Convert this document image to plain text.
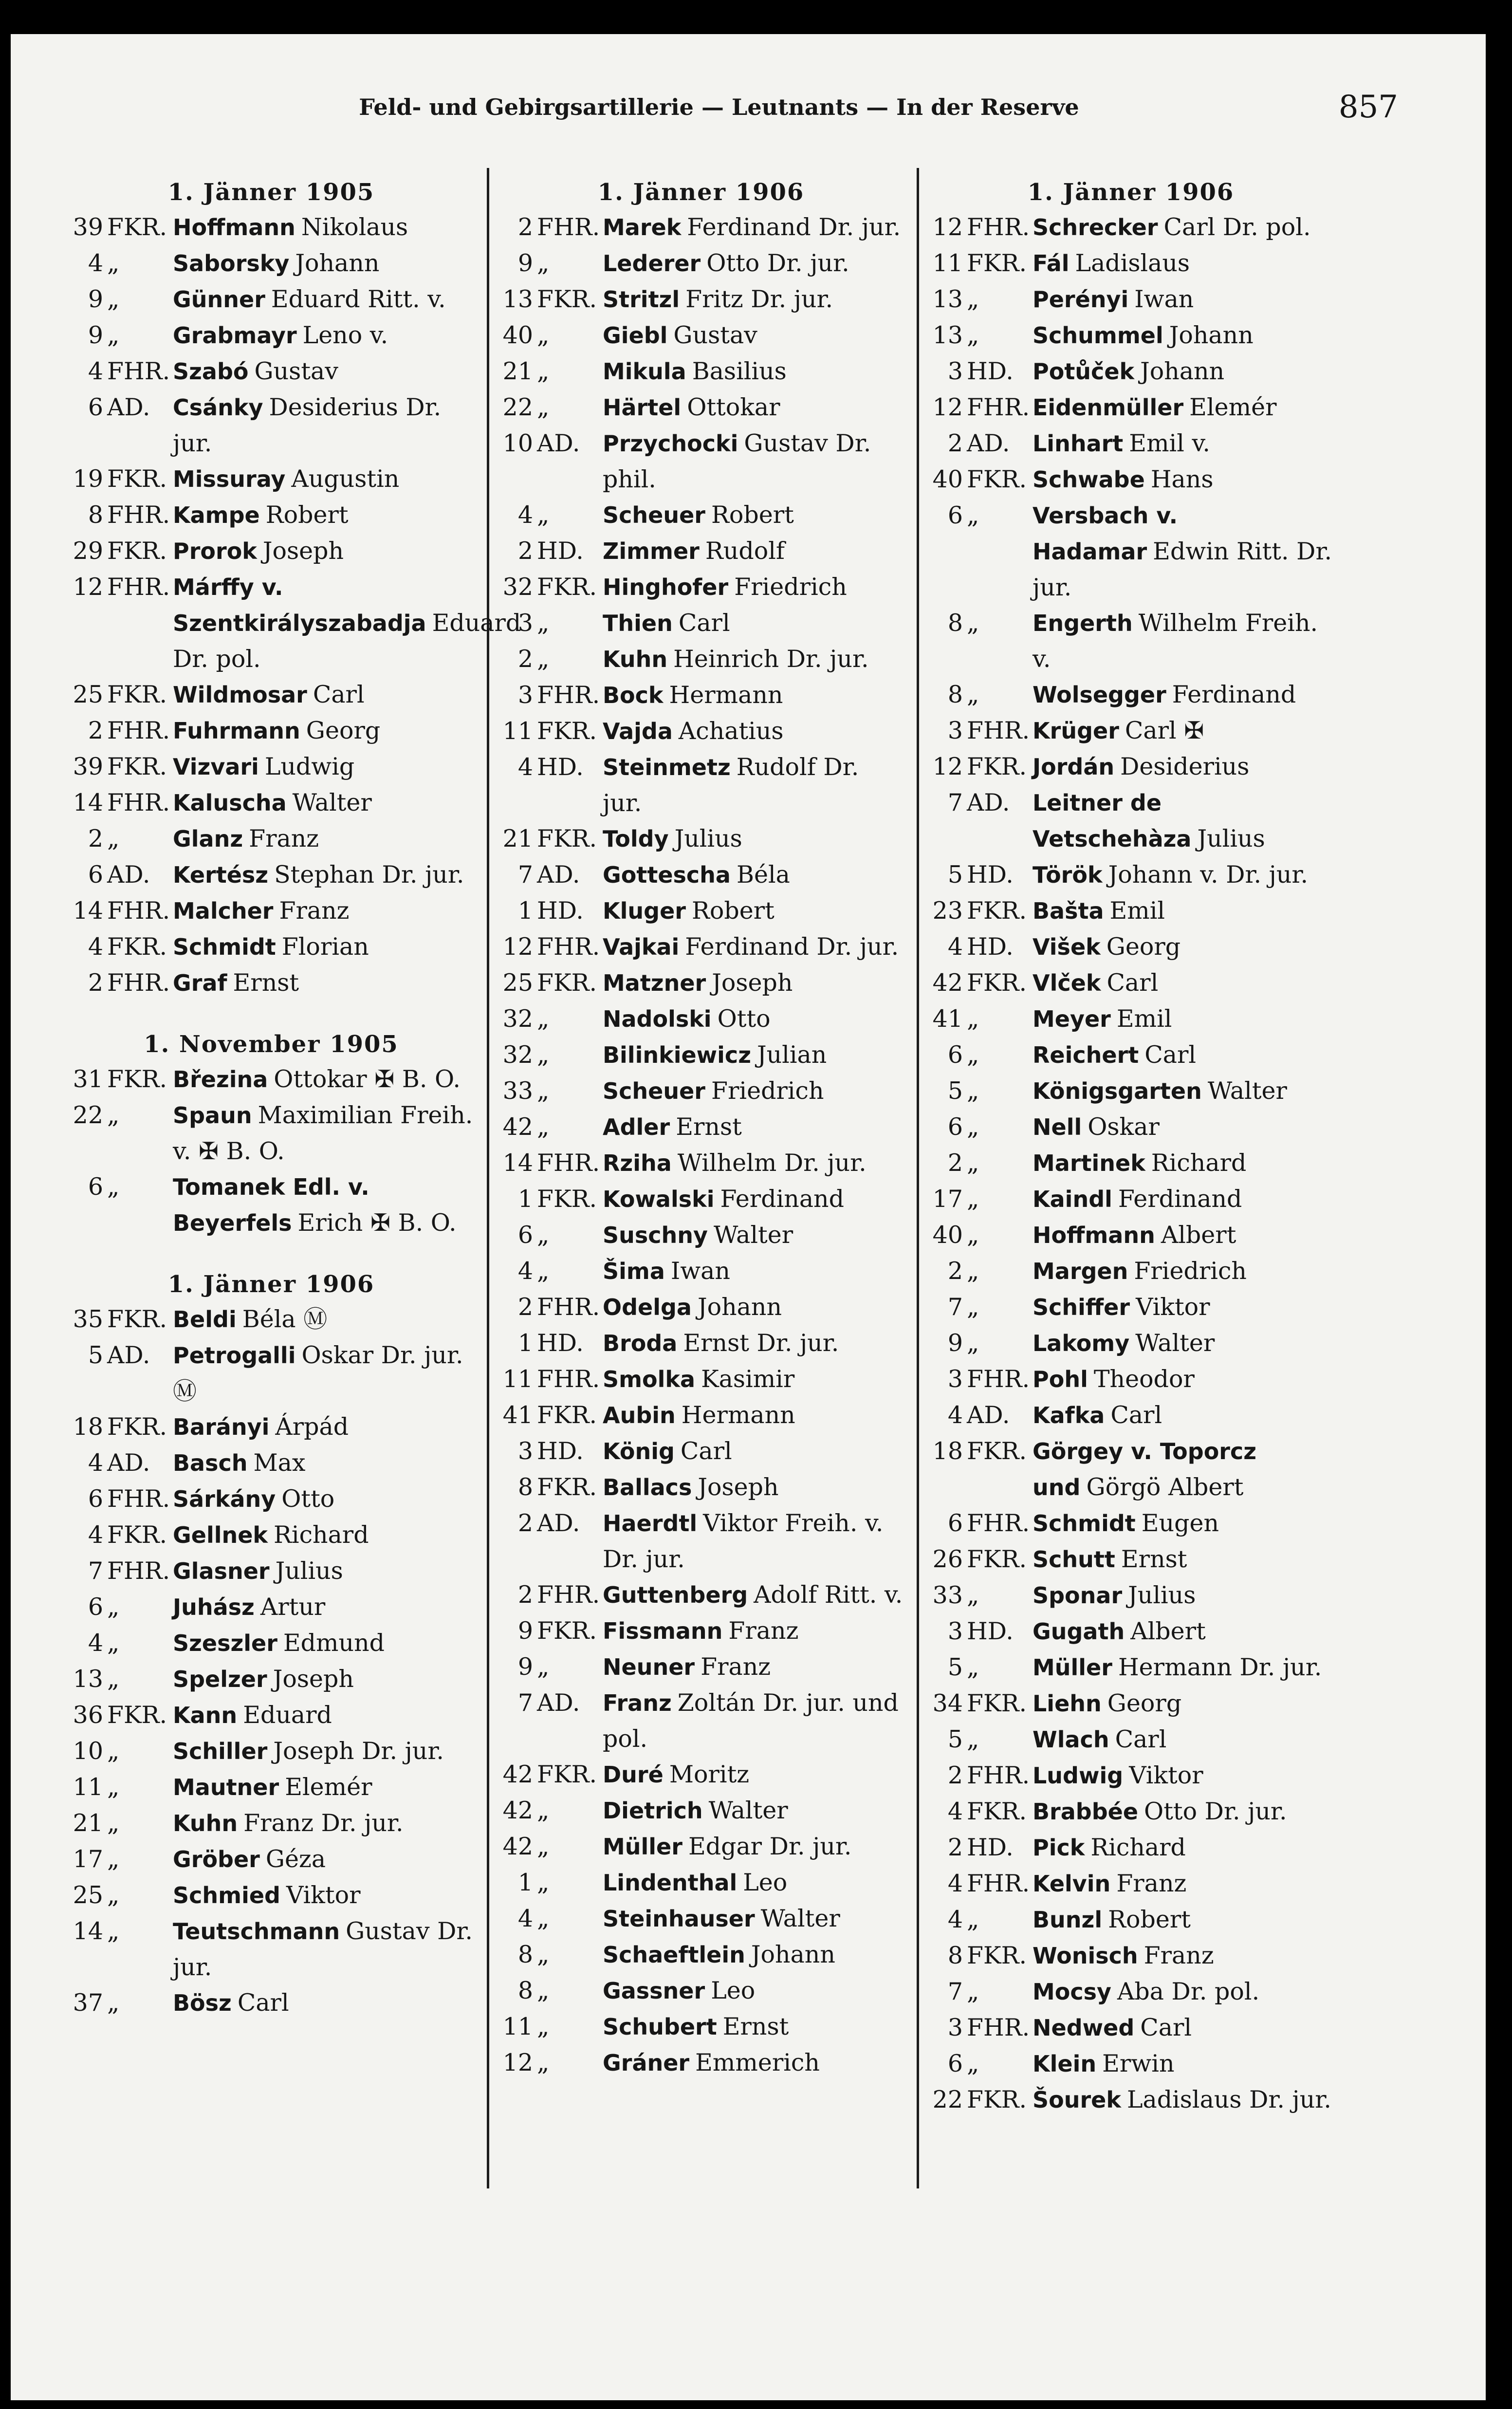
Feld- und Gebirgsartillerie — Leutnants — In der Reserve	857
1. Jänner 1905
39 FKR. Hoffmann Nikolaus
4 „	Saborsky Johann
9 „	Günner Eduard Ritt. v.
9 „	Grabmayr Leno v.
4 FHR. Szabó Gustav
6 AD.	Csánky Desiderius Dr. jur.
19 FKR. Missuray Augustin
8 FHR. Kampe Robert
29 FKR. Prorok Joseph
12 FHR. Márffy v. Szentkirályszabadja Eduard Dr. pol.
25 FKR. Wildmosar Carl
2 FHR. Fuhrmann Georg
39 FKR. Vizvari Ludwig
14 FHR. Kaluscha Walter
2 „	Glanz Franz
6 AD.	Kertész Stephan Dr. jur.
14 FHR. Malcher Franz
4 FKR. Schmidt Florian
2 FHR. Graf Ernst
1. November 1905
31 FKR. Březina Ottokar ✠ B. O.
22 „	Spaun Maximilian Freih. v. ✠ B. O.
6 „	Tomanek Edl. v. Beyerfels Erich ✠ B. O.
1. Jänner 1906
35 FKR. Beldi Béla Ⓜ
5 AD.	Petrogalli Oskar Dr. jur. Ⓜ
18 FKR. Barányi Árpád
4 AD.	Basch Max
6 FHR. Sárkány Otto
4 FKR. Gellnek Richard
7 FHR. Glasner Julius
6 „	Juhász Artur
4 „	Szeszler Edmund
13 „	Spelzer Joseph
36 FKR. Kann Eduard
10 „	Schiller Joseph Dr. jur.
11 „	Mautner Elemér
21 „	Kuhn Franz Dr. jur.
17 „	Gröber Géza
25 „	Schmied Viktor
14 „	Teutschmann Gustav Dr. jur.
37 „	Bösz Carl
1. Jänner 1906
2 FHR. Marek Ferdinand Dr. jur.
9 „	Lederer Otto Dr. jur.
13 FKR. Stritzl Fritz Dr. jur.
40 „	Giebl Gustav
21 „	Mikula Basilius
22 „	Härtel Ottokar
10 AD.	Przychocki Gustav Dr. phil.
4 „	Scheuer Robert
2 HD. Zimmer Rudolf
32 FKR. Hinghofer Friedrich
3 „	Thien Carl
2 „	Kuhn Heinrich Dr. jur.
3 FHR. Bock Hermann
11 FKR. Vajda Achatius
4 HD. Steinmetz Rudolf Dr. jur.
21 FKR. Toldy Julius
7 AD.	Gottescha Béla
1 HD. Kluger Robert
12 FHR. Vajkai Ferdinand Dr. jur.
25 FKR. Matzner Joseph
32 „	Nadolski Otto
32 „	Bilinkiewicz Julian
33 „	Scheuer Friedrich
42 „	Adler Ernst
14 FHR. Rziha Wilhelm Dr. jur.
1 FKR. Kowalski Ferdinand
6 „	Suschny Walter
4 „	Šima Iwan
2 FHR. Odelga Johann
1 HD. Broda Ernst Dr. jur.
11 FHR. Smolka Kasimir
41 FKR. Aubin Hermann
3 HD. König Carl
8 FKR. Ballacs Joseph
2 AD.	Haerdtl Viktor Freih. v. Dr. jur.
2 FHR. Guttenberg Adolf Ritt. v.
9 FKR. Fissmann Franz
9 „	Neuner Franz
7 AD.	Franz Zoltán Dr. jur. und pol.
42 FKR. Duré Moritz
42 „	Dietrich Walter
42 „	Müller Edgar Dr. jur.
1 „	Lindenthal Leo
4 „	Steinhauser Walter
8 „	Schaeftlein Johann
8 „	Gassner Leo
11 „	Schubert Ernst
12 „	Gráner Emmerich
1. Jänner 1906
12 FHR. Schrecker Carl Dr. pol.
11 FKR. Fál Ladislaus
13 „	Perényi Iwan
13 „	Schummel Johann
3 HD. Potůček Johann
12 FHR. Eidenmüller Elemér
2 AD.	Linhart Emil v.
40 FKR. Schwabe Hans
6 „	Versbach v. Hadamar Edwin Ritt. Dr. jur.
8 „	Engerth Wilhelm Freih. v.
8 „	Wolsegger Ferdinand
3 FHR. Krüger Carl ✠
12 FKR. Jordán Desiderius
7 AD.	Leitner de Vetschehàza Julius
5 HD. Török Johann v. Dr. jur.
23 FKR. Bašta Emil
4 HD. Višek Georg
42 FKR. Vlček Carl
41 „	Meyer Emil
6 „	Reichert Carl
5 „	Königsgarten Walter
6 „	Nell Oskar
2 „	Martinek Richard
17 „	Kaindl Ferdinand
40 „	Hoffmann Albert
2 „	Margen Friedrich
7 „	Schiffer Viktor
9 „	Lakomy Walter
3 FHR. Pohl Theodor
4 AD.	Kafka Carl
18 FKR. Görgey v. Toporcz und Görgö Albert
6 FHR. Schmidt Eugen
26 FKR. Schutt Ernst
33 „	Sponar Julius
3 HD. Gugath Albert
5 „	Müller Hermann Dr. jur.
34 FKR. Liehn Georg
5 „	Wlach Carl
2 FHR. Ludwig Viktor
4 FKR. Brabbée Otto Dr. jur.
2 HD. Pick Richard
4 FHR. Kelvin Franz
4 „	Bunzl Robert
8 FKR. Wonisch Franz
7 „	Mocsy Aba Dr. pol.
3 FHR. Nedwed Carl
6 „	Klein Erwin
22 FKR. Šourek Ladislaus Dr. jur.
